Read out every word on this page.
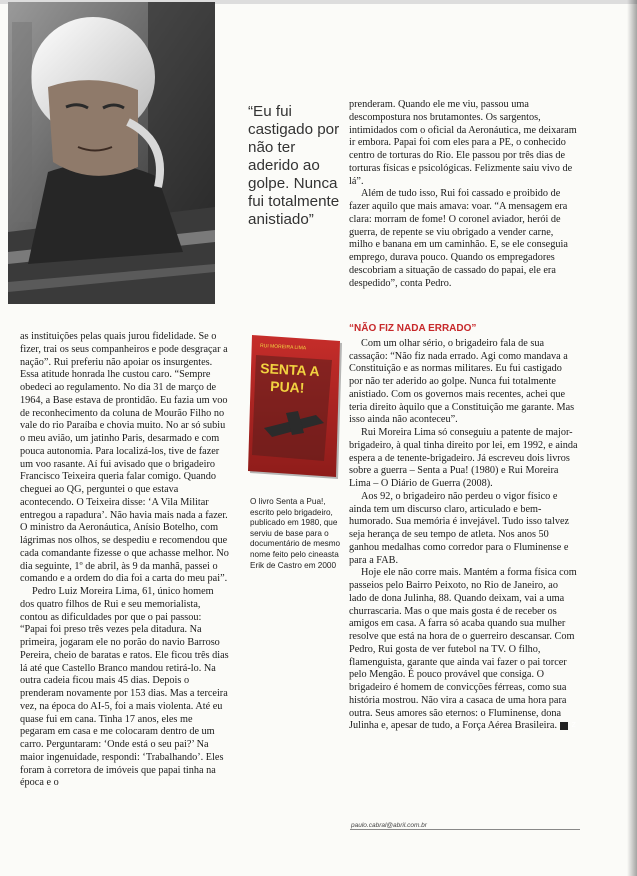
“Eu fui castigado por não ter aderido ao golpe. Nunca fui totalmente anistiado”

as instituições pelas quais jurou fidelidade. Se o fizer, trai os seus companheiros e pode desgraçar a nação”. Rui preferiu não apoiar os insurgentes. Essa atitude honrada lhe custou caro. “Sempre obedeci ao regulamento. No dia 31 de março de 1964, a Base estava de prontidão. Eu fazia um voo de reconhecimento da coluna de Mourão Filho no vale do rio Paraíba e chovia muito. No ar só subiu o meu avião, um jatinho Paris, desarmado e com pouca autonomia. Para localizá-los, tive de fazer um voo rasante. Aí fui avisado que o brigadeiro Francisco Teixeira queria falar comigo. Quando cheguei ao QG, perguntei o que estava acontecendo. O Teixeira disse: ‘A Vila Militar entregou a rapadura’. Não havia mais nada a fazer. O ministro da Aeronáutica, Anísio Botelho, com lágrimas nos olhos, se despediu e recomendou que cada comandante fizesse o que achasse melhor. No dia seguinte, 1º de abril, às 9 da manhã, passei o comando e a ordem do dia foi a carta do meu pai”.

Pedro Luiz Moreira Lima, 61, único homem dos quatro filhos de Rui e seu memorialista, contou as dificuldades por que o pai passou: “Papai foi preso três vezes pela ditadura. Na primeira, jogaram ele no porão do navio Barroso Pereira, cheio de baratas e ratos. Ele ficou três dias lá até que Castello Branco mandou retirá-lo. Na outra cadeia ficou mais 45 dias. Depois o prenderam novamente por 153 dias. Mas a terceira vez, na época do AI-5, foi a mais violenta. Até eu quase fui em cana. Tinha 17 anos, eles me pegaram em casa e me colocaram dentro de um carro. Perguntaram: ‘Onde está o seu pai?’ Na maior ingenuidade, respondi: ‘Trabalhando’. Eles foram à corretora de imóveis que papai tinha na época e o

RUI MOREIRA LIMA
SENTA A
PUA!

O livro Senta a Pua!, escrito pelo brigadeiro, publicado em 1980, que serviu de base para o documentário de mesmo nome feito pelo cineasta Erik de Castro em 2000

prenderam. Quando ele me viu, passou uma descompostura nos brutamontes. Os sargentos, intimidados com o oficial da Aeronáutica, me deixaram ir embora. Papai foi com eles para a PE, o conhecido centro de torturas do Rio. Ele passou por três dias de torturas físicas e psicológicas. Felizmente saiu vivo de lá”.

Além de tudo isso, Rui foi cassado e proibido de fazer aquilo que mais amava: voar. “A mensagem era clara: morram de fome! O coronel aviador, herói de guerra, de repente se viu obrigado a vender carne, milho e banana em um caminhão. E, se ele conseguia emprego, durava pouco. Quando os empregadores descobriam a situação de cassado do papai, ele era despedido”, conta Pedro.

“NÃO FIZ NADA ERRADO”

Com um olhar sério, o brigadeiro fala de sua cassação: “Não fiz nada errado. Agi como mandava a Constituição e as normas militares. Eu fui castigado por não ter aderido ao golpe. Nunca fui totalmente anistiado. Com os governos mais recentes, achei que teria direito àquilo que a Constituição me garante. Mas isso ainda não aconteceu”.

Rui Moreira Lima só conseguiu a patente de major-brigadeiro, à qual tinha direito por lei, em 1992, e ainda espera a de tenente-brigadeiro. Já escreveu dois livros sobre a guerra – Senta a Pua! (1980) e Rui Moreira Lima – O Diário de Guerra (2008).

Aos 92, o brigadeiro não perdeu o vigor físico e ainda tem um discurso claro, articulado e bem-humorado. Sua memória é invejável. Tudo isso talvez seja herança de seu tempo de atleta. Nos anos 50 ganhou medalhas como corredor para o Fluminense e para a FAB.

Hoje ele não corre mais. Mantém a forma física com passeios pelo Bairro Peixoto, no Rio de Janeiro, ao lado de dona Julinha, 88. Quando deixam, vai a uma churrascaria. Mas o que mais gosta é de receber os amigos em casa. A farra só acaba quando sua mulher resolve que está na hora de o guerreiro descansar. Com Pedro, Rui gosta de ver futebol na TV. O filho, flamenguista, garante que ainda vai fazer o pai torcer pelo Mengão. É pouco provável que consiga. O brigadeiro é homem de convicções férreas, como sua história mostrou. Não vira a casaca de uma hora para outra. Seus amores são eternos: o Fluminense, dona Julinha e, apesar de tudo, a Força Aérea Brasileira. Z

paulo.cabral@abril.com.br
